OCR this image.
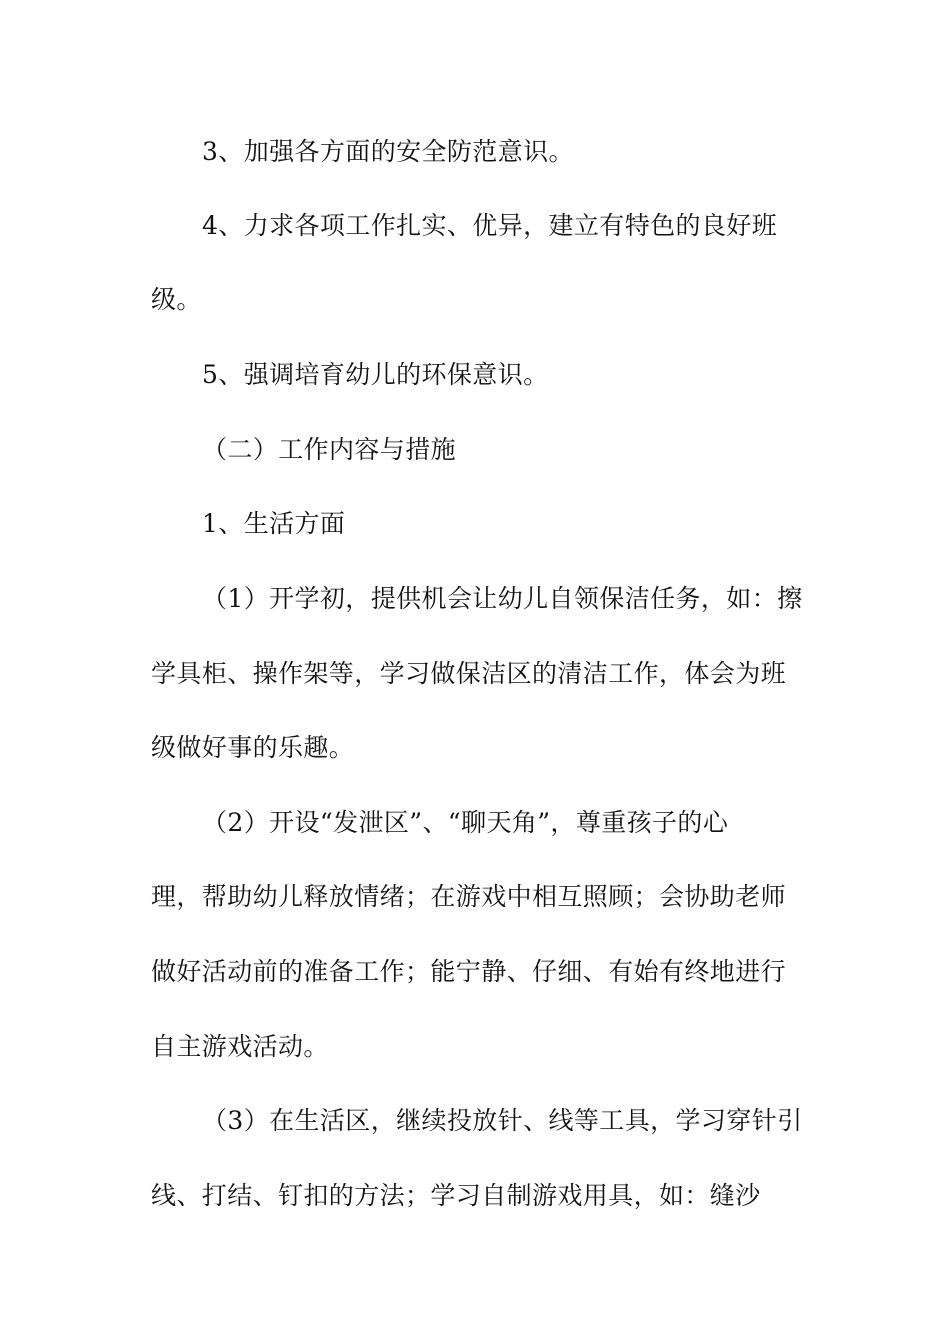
3、加强各方面的安全防范意识。
4、力求各项工作扎实、优异，建立有特色的良好班
级。
5、强调培育幼儿的环保意识。
（二）工作内容与措施
1、生活方面
（1）开学初，提供机会让幼儿自领保洁任务，如：擦
学具柜、操作架等，学习做保洁区的清洁工作，体会为班
级做好事的乐趣。
（2）开设“发泄区”、“聊天角”，尊重孩子的心
理，帮助幼儿释放情绪；在游戏中相互照顾；会协助老师
做好活动前的准备工作；能宁静、仔细、有始有终地进行
自主游戏活动。
（3）在生活区，继续投放针、线等工具，学习穿针引
线、打结、钉扣的方法；学习自制游戏用具，如：缝沙
